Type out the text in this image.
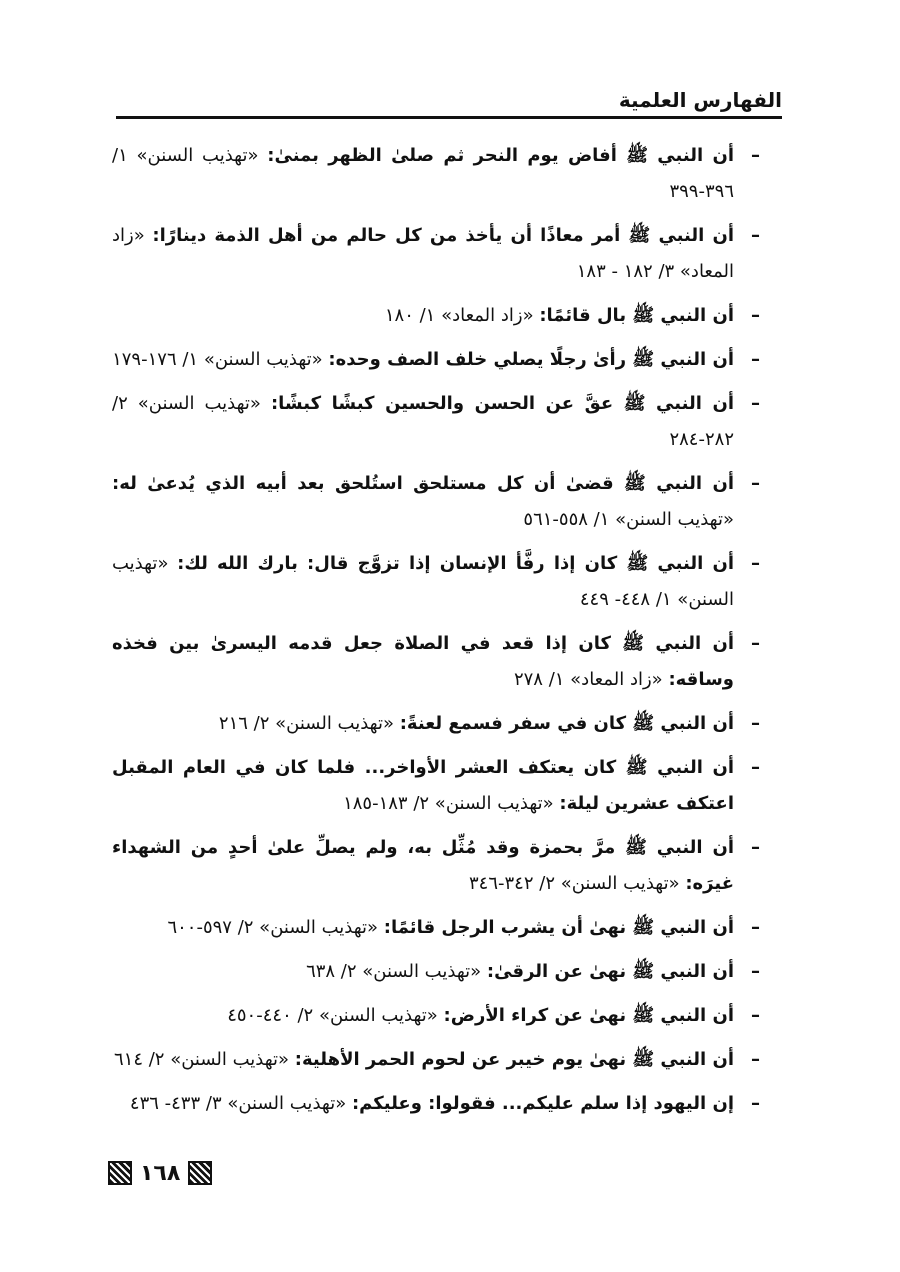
الفهارس العلمية
–
أن النبي ﷺ أفاض يوم النحر ثم صلىٰ الظهر بمنىٰ: «تهذيب السنن» ١/ ٣٩٦-٣٩٩
–
أن النبي ﷺ أمر معاذًا أن يأخذ من كل حالم من أهل الذمة دينارًا: «زاد المعاد» ٣/ ١٨٢ - ١٨٣
–
أن النبي ﷺ بال قائمًا: «زاد المعاد» ١/ ١٨٠
–
أن النبي ﷺ رأىٰ رجلًا يصلي خلف الصف وحده: «تهذيب السنن» ١/ ١٧٦-١٧٩
–
أن النبي ﷺ عقَّ عن الحسن والحسين كبشًا كبشًا: «تهذيب السنن» ٢/ ٢٨٢-٢٨٤
–
أن النبي ﷺ قضىٰ أن كل مستلحق استُلحق بعد أبيه الذي يُدعىٰ له: «تهذيب السنن» ١/ ٥٥٨-٥٦١
–
أن النبي ﷺ كان إذا رفَّأ الإنسان إذا تزوَّج قال: بارك الله لك: «تهذيب السنن» ١/ ٤٤٨- ٤٤٩
–
أن النبي ﷺ كان إذا قعد في الصلاة جعل قدمه اليسرىٰ بين فخذه وساقه: «زاد المعاد» ١/ ٢٧٨
–
أن النبي ﷺ كان في سفر فسمع لعنةً: «تهذيب السنن» ٢/ ٢١٦
–
أن النبي ﷺ كان يعتكف العشر الأواخر... فلما كان في العام المقبل اعتكف عشرين ليلة: «تهذيب السنن» ٢/ ١٨٣-١٨٥
–
أن النبي ﷺ مرَّ بحمزة وقد مُثِّل به، ولم يصلِّ علىٰ أحدٍ من الشهداء غيرَه: «تهذيب السنن» ٢/ ٣٤٢-٣٤٦
–
أن النبي ﷺ نهىٰ أن يشرب الرجل قائمًا: «تهذيب السنن» ٢/ ٥٩٧-٦٠٠
–
أن النبي ﷺ نهىٰ عن الرقىٰ: «تهذيب السنن» ٢/ ٦٣٨
–
أن النبي ﷺ نهىٰ عن كراء الأرض: «تهذيب السنن» ٢/ ٤٤٠-٤٥٠
–
أن النبي ﷺ نهىٰ يوم خيبر عن لحوم الحمر الأهلية: «تهذيب السنن» ٢/ ٦١٤
–
إن اليهود إذا سلم عليكم... فقولوا: وعليكم: «تهذيب السنن» ٣/ ٤٣٣- ٤٣٦
١٦٨
